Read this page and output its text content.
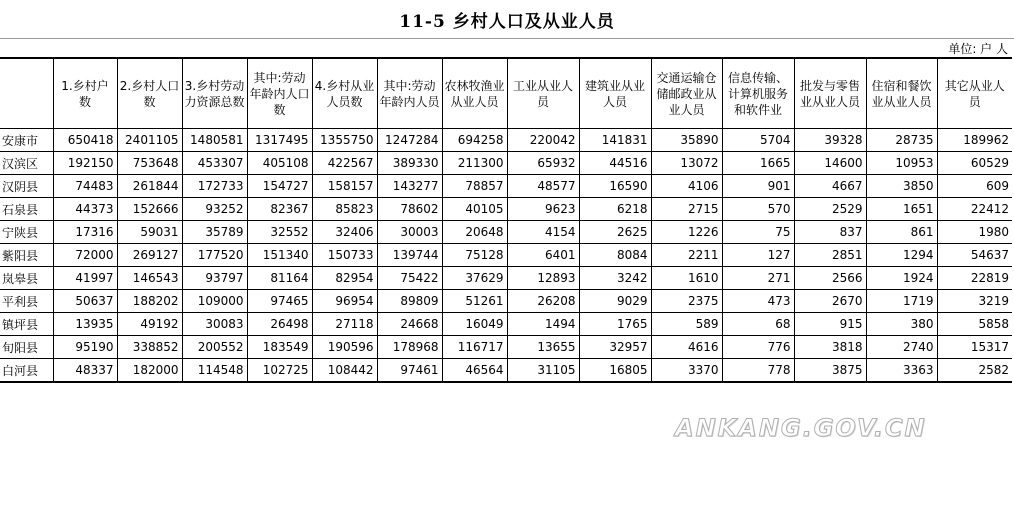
11-5 乡村人口及从业人员
单位: 户 人
	1.乡村户数	2.乡村人口数	3.乡村劳动力资源总数	其中:劳动年龄内人口数	4.乡村从业人员数	其中:劳动年龄内人员	农林牧渔业从业人员	工业从业人员	建筑业从业人员	交通运输仓储邮政业从业人员	信息传输、计算机服务和软件业	批发与零售业从业人员	住宿和餐饮业从业人员	其它从业人员
安康市	650418	2401105	1480581	1317495	1355750	1247284	694258	220042	141831	35890	5704	39328	28735	189962
汉滨区	192150	753648	453307	405108	422567	389330	211300	65932	44516	13072	1665	14600	10953	60529
汉阴县	74483	261844	172733	154727	158157	143277	78857	48577	16590	4106	901	4667	3850	609
石泉县	44373	152666	93252	82367	85823	78602	40105	9623	6218	2715	570	2529	1651	22412
宁陕县	17316	59031	35789	32552	32406	30003	20648	4154	2625	1226	75	837	861	1980
紫阳县	72000	269127	177520	151340	150733	139744	75128	6401	8084	2211	127	2851	1294	54637
岚皋县	41997	146543	93797	81164	82954	75422	37629	12893	3242	1610	271	2566	1924	22819
平利县	50637	188202	109000	97465	96954	89809	51261	26208	9029	2375	473	2670	1719	3219
镇坪县	13935	49192	30083	26498	27118	24668	16049	1494	1765	589	68	915	380	5858
旬阳县	95190	338852	200552	183549	190596	178968	116717	13655	32957	4616	776	3818	2740	15317
白河县	48337	182000	114548	102725	108442	97461	46564	31105	16805	3370	778	3875	3363	2582
ANKANG.GOV.CN
